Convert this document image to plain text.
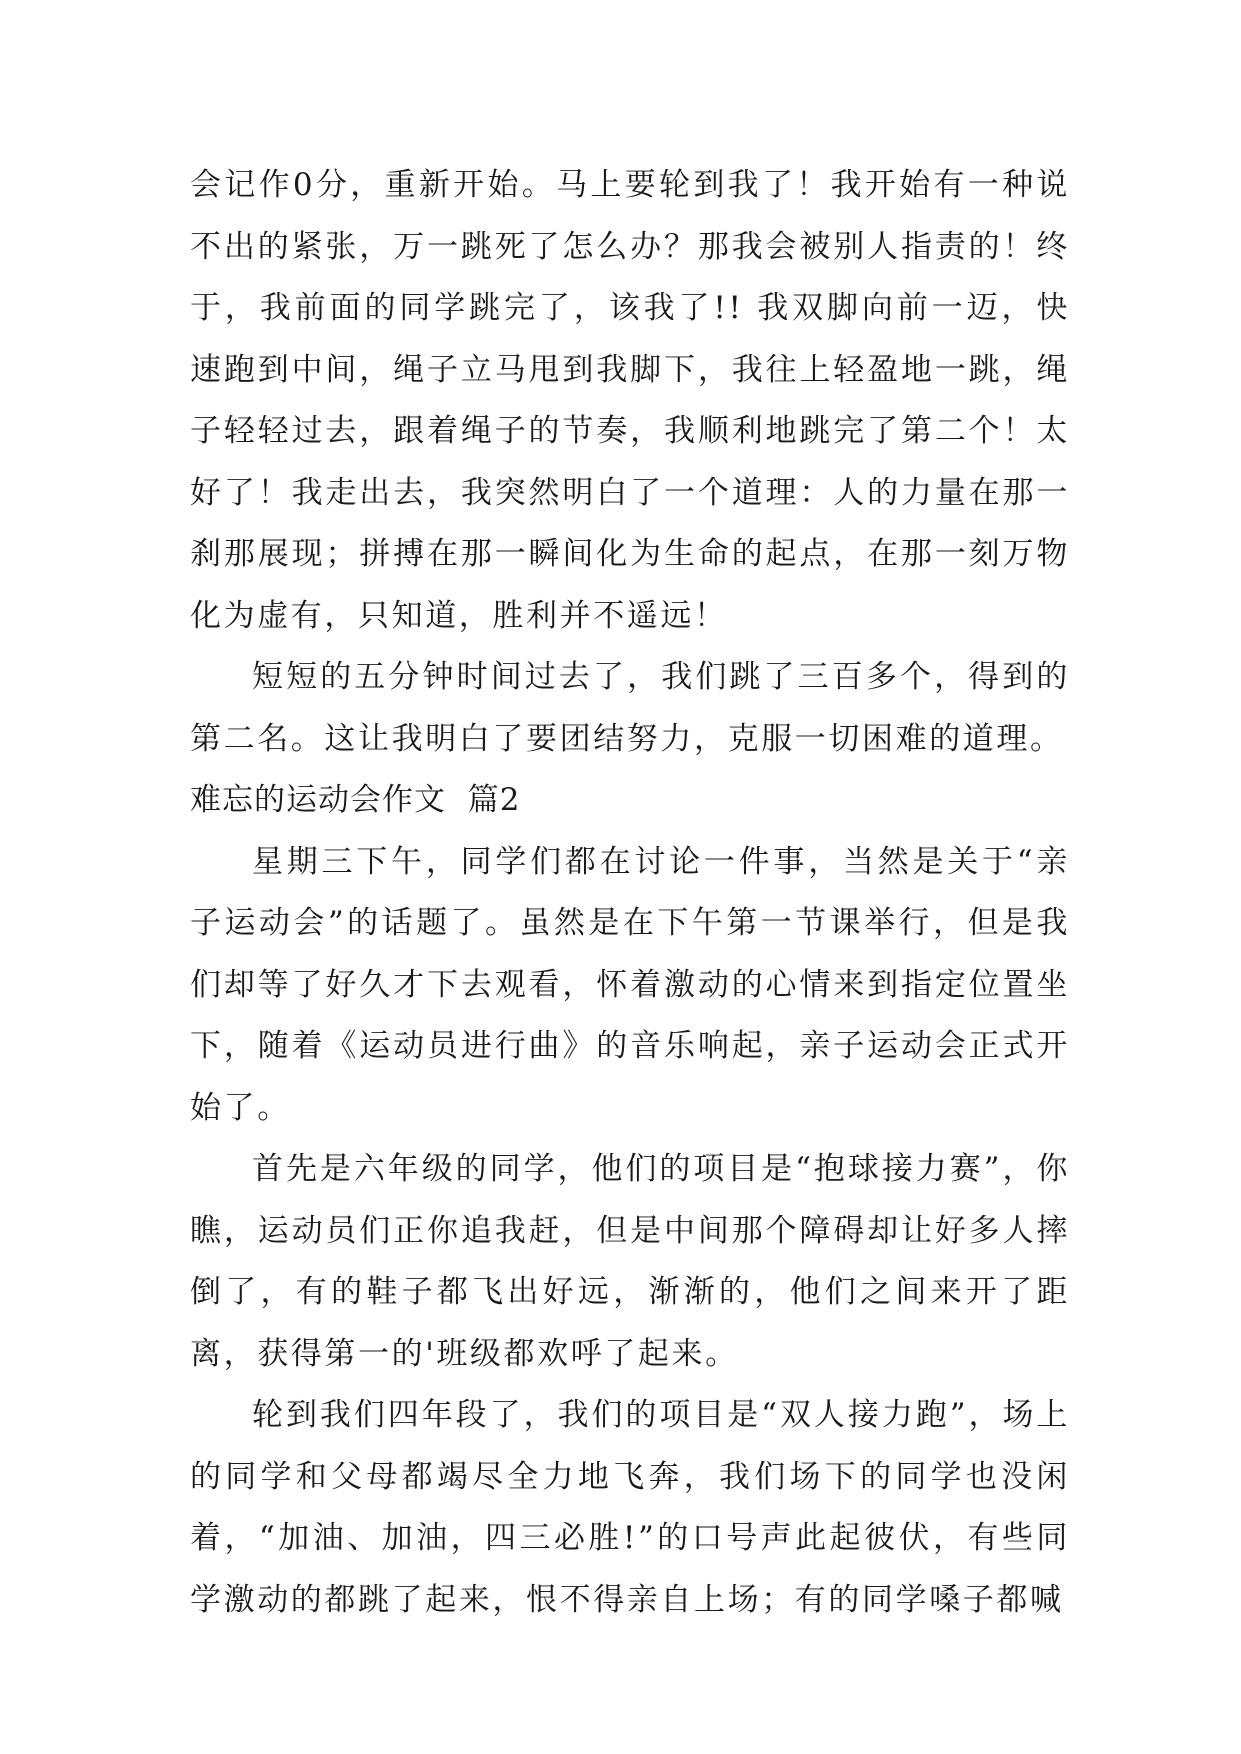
会记作0分，重新开始。马上要轮到我了！我开始有一种说不出的紧张，万一跳死了怎么办？那我会被别人指责的！终于，我前面的同学跳完了，该我了!! 我双脚向前一迈，快速跑到中间，绳子立马甩到我脚下，我往上轻盈地一跳，绳子轻轻过去，跟着绳子的节奏，我顺利地跳完了第二个！太好了！我走出去，我突然明白了一个道理：人的力量在那一刹那展现；拼搏在那一瞬间化为生命的起点，在那一刻万物化为虚有，只知道，胜利并不遥远！

短短的五分钟时间过去了，我们跳了三百多个，得到的第二名。这让我明白了要团结努力，克服一切困难的道理。

难忘的运动会作文  篇2

星期三下午，同学们都在讨论一件事，当然是关于“亲子运动会”的话题了。虽然是在下午第一节课举行，但是我们却等了好久才下去观看，怀着激动的心情来到指定位置坐下，随着《运动员进行曲》的音乐响起，亲子运动会正式开始了。

首先是六年级的同学，他们的项目是“抱球接力赛”，你瞧，运动员们正你追我赶，但是中间那个障碍却让好多人摔倒了，有的鞋子都飞出好远，渐渐的，他们之间来开了距离，获得第一的'班级都欢呼了起来。

轮到我们四年段了，我们的项目是“双人接力跑”，场上的同学和父母都竭尽全力地飞奔，我们场下的同学也没闲着，“加油、加油，四三必胜!”的口号声此起彼伏，有些同学激动的都跳了起来，恨不得亲自上场；有的同学嗓子都喊
